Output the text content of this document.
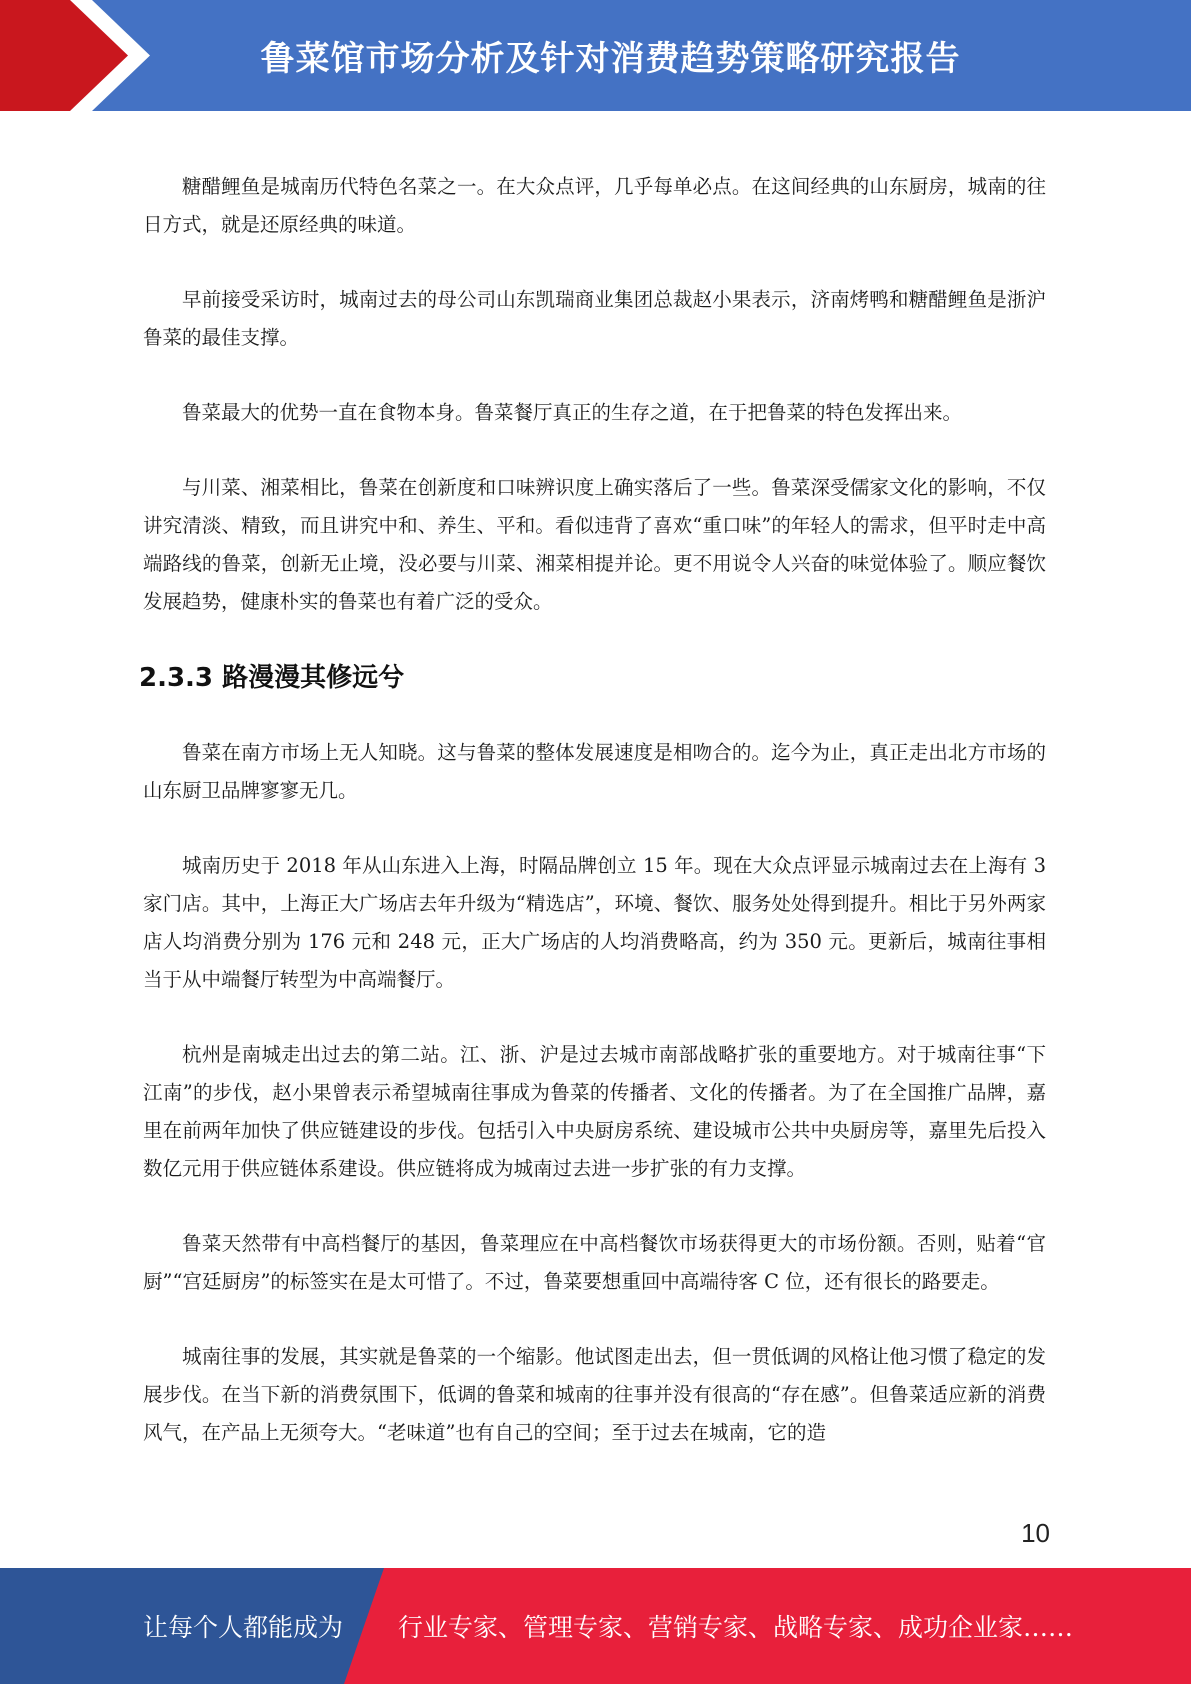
鲁菜馆市场分析及针对消费趋势策略研究报告

糖醋鲤鱼是城南历代特色名菜之一。在大众点评，几乎每单必点。在这间经典的山东厨房，城南的往日方式，就是还原经典的味道。

早前接受采访时，城南过去的母公司山东凯瑞商业集团总裁赵小果表示，济南烤鸭和糖醋鲤鱼是浙沪鲁菜的最佳支撑。

鲁菜最大的优势一直在食物本身。鲁菜餐厅真正的生存之道，在于把鲁菜的特色发挥出来。

与川菜、湘菜相比，鲁菜在创新度和口味辨识度上确实落后了一些。鲁菜深受儒家文化的影响，不仅讲究清淡、精致，而且讲究中和、养生、平和。看似违背了喜欢“重口味”的年轻人的需求，但平时走中高端路线的鲁菜，创新无止境，没必要与川菜、湘菜相提并论。更不用说令人兴奋的味觉体验了。顺应餐饮发展趋势，健康朴实的鲁菜也有着广泛的受众。

2.3.3 路漫漫其修远兮

鲁菜在南方市场上无人知晓。这与鲁菜的整体发展速度是相吻合的。迄今为止，真正走出北方市场的山东厨卫品牌寥寥无几。

城南历史于 2018 年从山东进入上海，时隔品牌创立 15 年。现在大众点评显示城南过去在上海有 3 家门店。其中，上海正大广场店去年升级为“精选店”，环境、餐饮、服务处处得到提升。相比于另外两家店人均消费分别为 176 元和 248 元，正大广场店的人均消费略高，约为 350 元。更新后，城南往事相当于从中端餐厅转型为中高端餐厅。

杭州是南城走出过去的第二站。江、浙、沪是过去城市南部战略扩张的重要地方。对于城南往事“下江南”的步伐，赵小果曾表示希望城南往事成为鲁菜的传播者、文化的传播者。为了在全国推广品牌，嘉里在前两年加快了供应链建设的步伐。包括引入中央厨房系统、建设城市公共中央厨房等，嘉里先后投入数亿元用于供应链体系建设。供应链将成为城南过去进一步扩张的有力支撑。

鲁菜天然带有中高档餐厅的基因，鲁菜理应在中高档餐饮市场获得更大的市场份额。否则，贴着“官厨”“宫廷厨房”的标签实在是太可惜了。不过，鲁菜要想重回中高端待客 C 位，还有很长的路要走。

城南往事的发展，其实就是鲁菜的一个缩影。他试图走出去，但一贯低调的风格让他习惯了稳定的发展步伐。在当下新的消费氛围下，低调的鲁菜和城南的往事并没有很高的“存在感”。但鲁菜适应新的消费风气，在产品上无须夸大。“老味道”也有自己的空间；至于过去在城南，它的造

10
让每个人都能成为 行业专家、管理专家、营销专家、战略专家、成功企业家……
